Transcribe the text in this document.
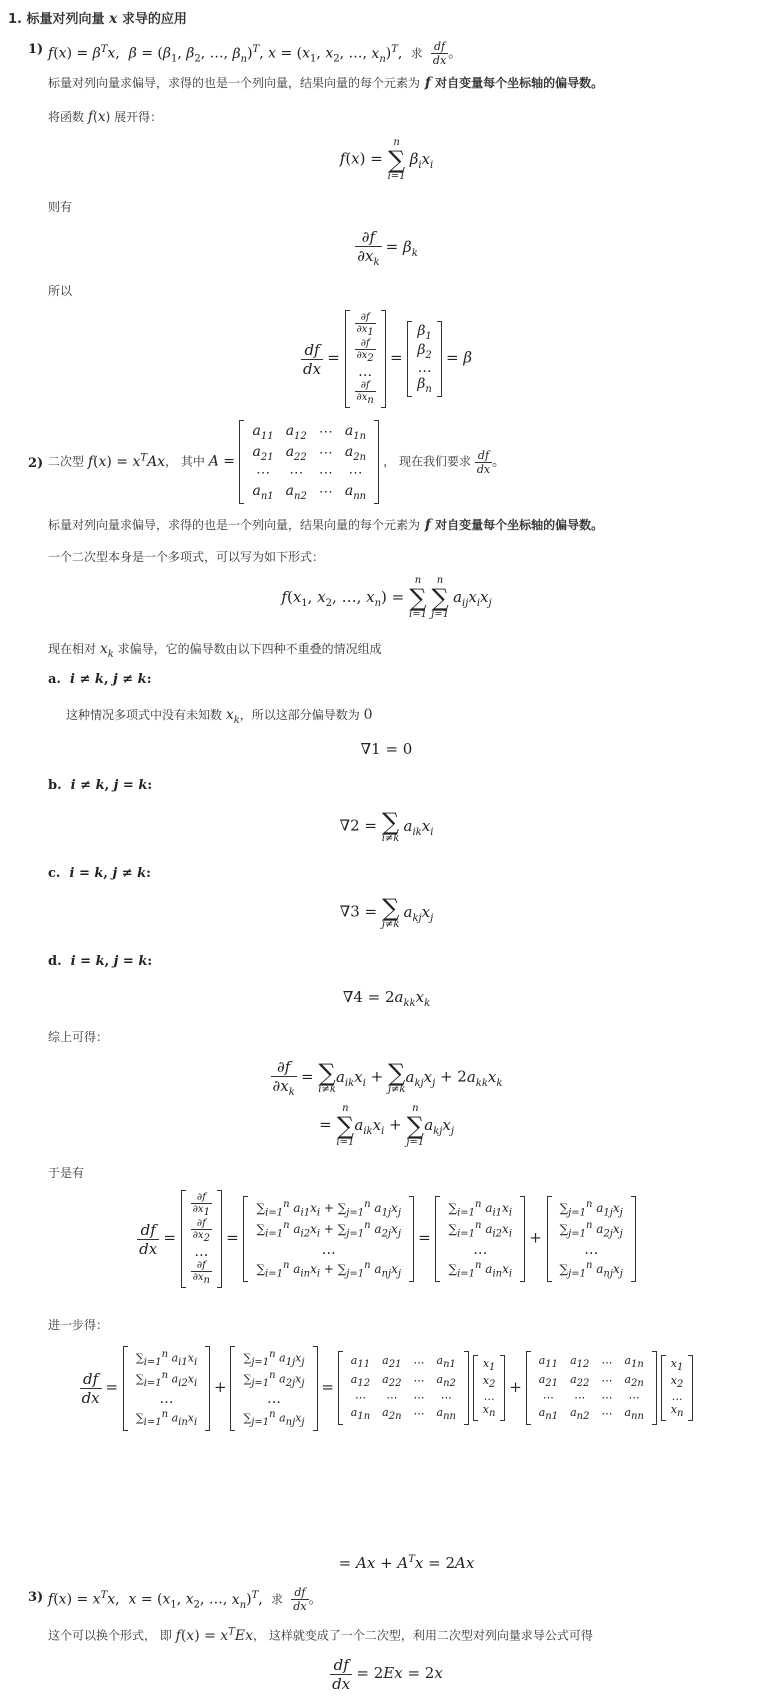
1. 标量对列向量 x 求导的应用
1) $f(x) = \beta^Tx$,  $\beta = (\beta_1$, $\beta_2$, …, $\beta_n)^T$, $x = (x_1$, $x_2$, …, $x_n)^T$,  求 $\frac{df}{dx}$ 。
标量对列向量求偏导，求得的也是一个列向量，结果向量的每个元素为 f 对自变量每个坐标轴的偏导数。
将函数 f(x) 展开得：
f(x) =
n
∑
i=1
$\beta_ix_i$
则有
$\frac{\partial f}{\partial x_k} = \beta_k$
所以
$\frac{df}{dx}$ =
$\frac{\partial f}{\partial x_1}$

$\frac{\partial f}{\partial x_2}$

…

$\frac{\partial f}{\partial x_n}$
=
$\beta_1$
$\beta_2$
…
$\beta_n$
= β
2) 二次型 $f(x) = x^TAx$， 其中 A =
$a_{11}$	$a_{12}$	⋯	$a_{1n}$
$a_{21}$	$a_{22}$	⋯	$a_{2n}$
⋯	⋯	⋯	⋯
$a_{n1}$	$a_{n2}$	⋯	$a_{nn}$
， 现在我们要求 $\frac{df}{dx}$ 。
标量对列向量求偏导，求得的也是一个列向量，结果向量的每个元素为 f 对自变量每个坐标轴的偏导数。
一个二次型本身是一个多项式，可以写为如下形式：
$f(x_1$, $x_2$, …, $x_n$) =
n
∑
i=1

n
∑
j=1
$a_{ij}x_ix_j$
现在相对 $x_k$ 求偏导，它的偏导数由以下四种不重叠的情况组成
a.  i ≠ k, j ≠ k:
这种情况多项式中没有未知数 $x_k$，所以这部分偏导数为 0
∇1 = 0
b.  i ≠ k, j = k:
∇2 = ∑
i≠k
$a_{ik}x_i$
c.  i = k, j ≠ k:
∇3 = ∑
j≠k
$a_{kj}x_j$
d.  i = k, j = k:
$\nabla 4 = 2a_{kk}x_k$
综上可得：
$\frac{\partial f}{\partial x_k}$ = ∑
i≠k
$a_{ik}x_i$ + ∑
j≠k
$a_{kj}x_j + 2a_{kk}x_k$
=
n
∑
i=1
$a_{ik}x_i$ +
n
∑
j=1
$a_{kj}x_j$
于是有
$\frac{df}{dx}$ =
$\frac{\partial f}{\partial x_1}$

$\frac{\partial f}{\partial x_2}$

…

$\frac{\partial f}{\partial x_n}$
=
$\sum_{i=1}^n$ $a_{i1}x_i + \sum_{j=1}^n$ $a_{1j}x_j$
$\sum_{i=1}^n$ $a_{i2}x_i + \sum_{j=1}^n$ $a_{2j}x_j$
…
$\sum_{i=1}^n$ $a_{in}x_i + \sum_{j=1}^n$ $a_{nj}x_j$
=
$\sum_{i=1}^n$ $a_{i1}x_i$
$\sum_{i=1}^n$ $a_{i2}x_i$
…
$\sum_{i=1}^n$ $a_{in}x_i$
+
$\sum_{j=1}^n$ $a_{1j}x_j$
$\sum_{j=1}^n$ $a_{2j}x_j$
…
$\sum_{j=1}^n$ $a_{nj}x_j$
进一步得：
$\frac{df}{dx}$ =
$\sum_{i=1}^n$ $a_{i1}x_i$
$\sum_{i=1}^n$ $a_{i2}x_i$
…
$\sum_{i=1}^n$ $a_{in}x_i$
+
$\sum_{j=1}^n$ $a_{1j}x_j$
$\sum_{j=1}^n$ $a_{2j}x_j$
…
$\sum_{j=1}^n$ $a_{nj}x_j$
=
$a_{11}$	$a_{21}$	⋯	$a_{n1}$
$a_{12}$	$a_{22}$	⋯	$a_{n2}$
⋯	⋯	⋯	⋯
$a_{1n}$	$a_{2n}$	⋯	$a_{nn}$

$x_1$
$x_2$
…
$x_n$
+
$a_{11}$	$a_{12}$	⋯	$a_{1n}$
$a_{21}$	$a_{22}$	⋯	$a_{2n}$
⋯	⋯	⋯	⋯
$a_{n1}$	$a_{n2}$	⋯	$a_{nn}$

$x_1$
$x_2$
…
$x_n$
= $Ax + A^Tx = 2Ax$
3) $f(x) = x^Tx$,  $x = (x_1$, $x_2$, …, $x_n)^T$,  求 $\frac{df}{dx}$ 。
这个可以换个形式， 即 $f(x) = x^TEx$， 这样就变成了一个二次型，利用二次型对列向量求导公式可得
$\frac{df}{dx} = 2Ex = 2x$
